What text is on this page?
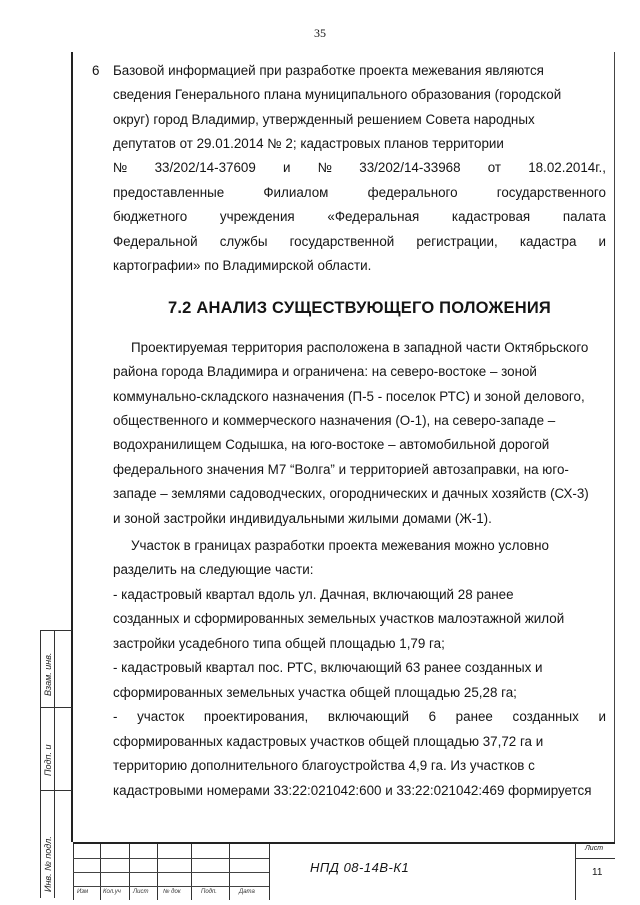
35
6 Базовой информацией при разработке проекта межевания являются
сведения Генерального плана муниципального образования (городской
округ) город Владимир, утвержденный решением Совета народных
депутатов от 29.01.2014 № 2; кадастровых планов территории
№ 33/202/14-37609 и № 33/202/14-33968 от 18.02.2014г.,
предоставленные	Филиалом	федерального	государственного
бюджетного учреждения «Федеральная кадастровая палата
Федеральной службы государственной регистрации, кадастра и
картографии» по Владимирской области.
7.2 АНАЛИЗ СУЩЕСТВУЮЩЕГО ПОЛОЖЕНИЯ
Проектируемая территория расположена в западной части Октябрьского
района города Владимира и ограничена: на северо-востоке – зоной
коммунально-складского назначения (П-5 - поселок РТС) и зоной делового,
общественного и коммерческого назначения (О-1), на северо-западе –
водохранилищем Содышка, на юго-востоке – автомобильной дорогой
федерального значения М7 “Волга” и территорией автозаправки, на юго-
западе – землями садоводческих, огороднических и дачных хозяйств (СХ-3)
и зоной застройки индивидуальными жилыми домами (Ж-1).
Участок в границах разработки проекта межевания можно условно
разделить на следующие части:
- кадастровый квартал вдоль ул. Дачная, включающий 28 ранее
созданных и сформированных земельных участков малоэтажной жилой
застройки усадебного типа общей площадью 1,79 га;
- кадастровый квартал пос. РТС, включающий 63 ранее созданных и
сформированных земельных участка общей площадью 25,28 га;
- участок проектирования, включающий 6 ранее созданных и
сформированных кадастровых участков общей площадью 37,72 га и
территорию дополнительного благоустройства 4,9 га. Из участков с
кадастровыми номерами 33:22:021042:600 и 33:22:021042:469 формируется
Изм Кол.уч Лист № док	Подп.	Дата
НПД 08-14В-К1
Лист
11
Взам. инв.
Подп. и
Инв. № подл.
